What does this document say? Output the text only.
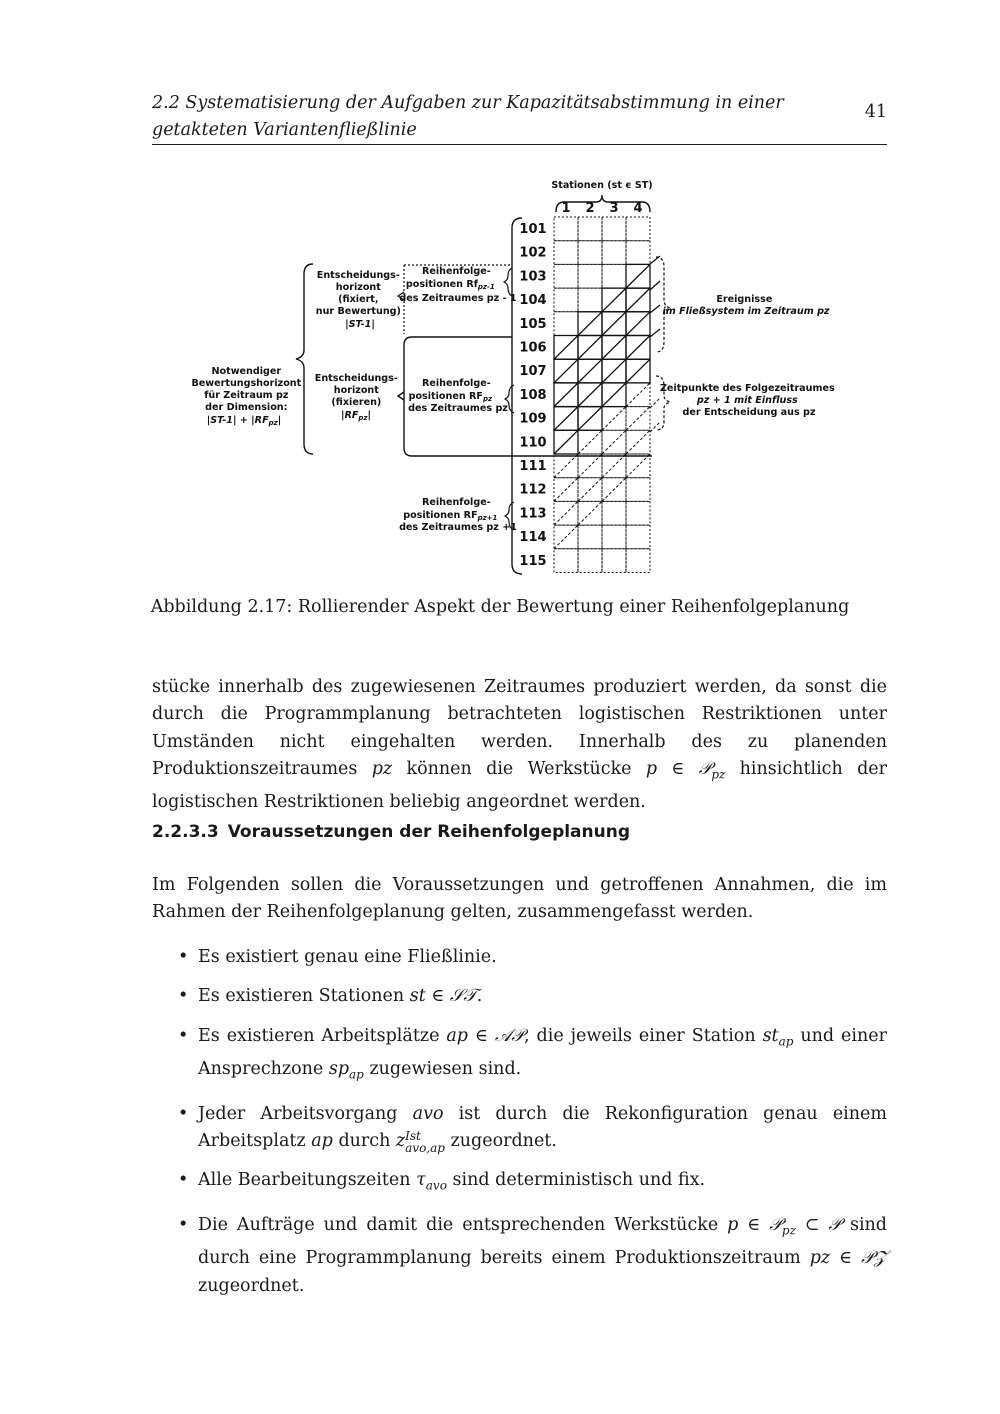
2.2 Systematisierung der Aufgaben zur Kapazitätsabstimmung in einer getakteten Variantenfließlinie
41
101
102
103
104
105
106
107
108
109
110
111
112
113
114
115
Stationen (st ϵ ST)
1 2 3 4
Notwendiger Bewertungshorizont für Zeitraum pz der Dimension: $|ST-1| + |RF_{pz}|$
Entscheidungs- horizont (fixiert, nur Bewertung) |ST-1|
Entscheidungs- horizont (fixieren) $|RF_{pz}|$
Reihenfolge- positionen $Rf_{pz-1}$ des Zeitraumes pz - 1
Reihenfolge- positionen $RF_{pz}$ des Zeitraumes pz
Reihenfolge- positionen $RF_{pz+1}$ des Zeitraumes pz +1
Ereignisse im Fließsystem im Zeitraum pz
Zeitpunkte des Folgezeitraumes pz + 1 mit Einfluss der Entscheidung aus pz
Abbildung 2.17: Rollierender Aspekt der Bewertung einer Reihenfolgeplanung

stücke innerhalb des zugewiesenen Zeitraumes produziert werden, da sonst die durch die Programmplanung betrachteten logistischen Restriktionen unter Umständen nicht eingehalten werden. Innerhalb des zu planenden Produktionszeitraumes pz können die Werkstücke p ∈ 𝒫$_{pz}$ hinsichtlich der logistischen Restriktionen beliebig angeordnet werden.

2.2.3.3 Voraussetzungen der Reihenfolgeplanung

Im Folgenden sollen die Voraussetzungen und getroffenen Annahmen, die im Rahmen der Reihenfolgeplanung gelten, zusammengefasst werden.

• Es existiert genau eine Fließlinie.
• Es existieren Stationen st ∈ 𝒮𝒯.
• Es existieren Arbeitsplätze ap ∈ 𝒜𝒫, die jeweils einer Station $st_{ap}$ und einer Ansprechzone $sp_{ap}$ zugewiesen sind.
• Jeder Arbeitsvorgang avo ist durch die Rekonfiguration genau einem Arbeitsplatz ap durch z Ist
avo,ap zugeordnet.
• Alle Bearbeitungszeiten $\tau_{avo}$ sind deterministisch und fix.
• Die Aufträge und damit die entsprechenden Werkstücke p ∈ 𝒫$_{pz}$ ⊂ 𝒫 sind durch eine Programmplanung bereits einem Produktionszeitraum pz ∈ 𝒫𝒵 zugeordnet.
